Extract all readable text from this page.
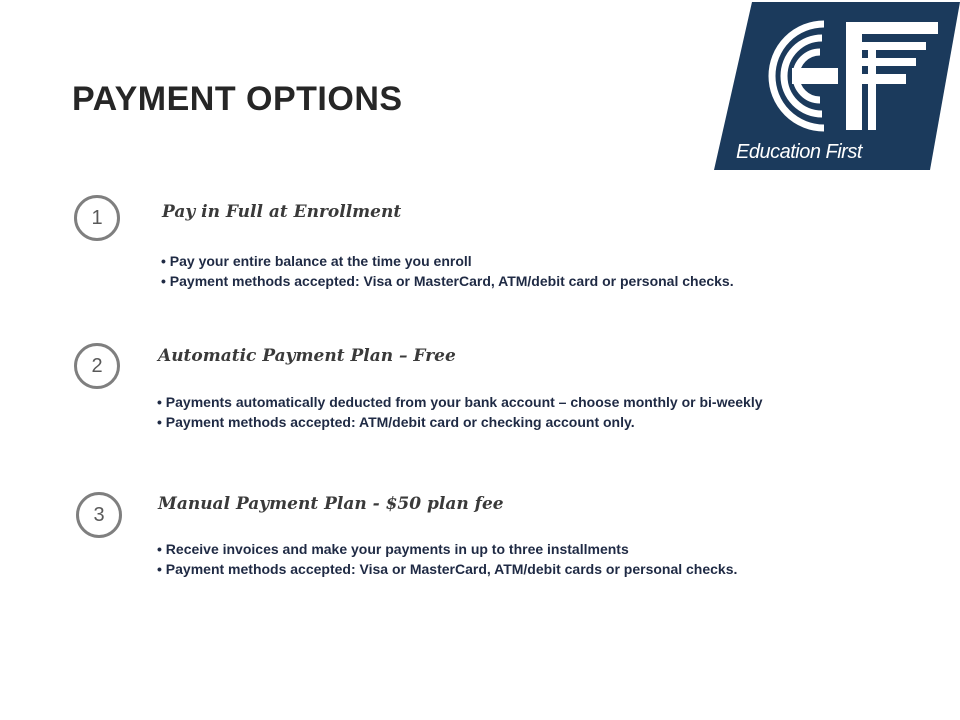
PAYMENT OPTIONS
Education First
1	Pay in Full at Enrollment
• Pay your entire balance at the time you enroll
• Payment methods accepted: Visa or MasterCard, ATM/debit card or personal checks.
2	Automatic Payment Plan – Free
• Payments automatically deducted from your bank account – choose monthly or bi-weekly
• Payment methods accepted: ATM/debit card or checking account only.
3	Manual Payment Plan - $50 plan fee
• Receive invoices and make your payments in up to three installments
• Payment methods accepted: Visa or MasterCard, ATM/debit cards or personal checks.
